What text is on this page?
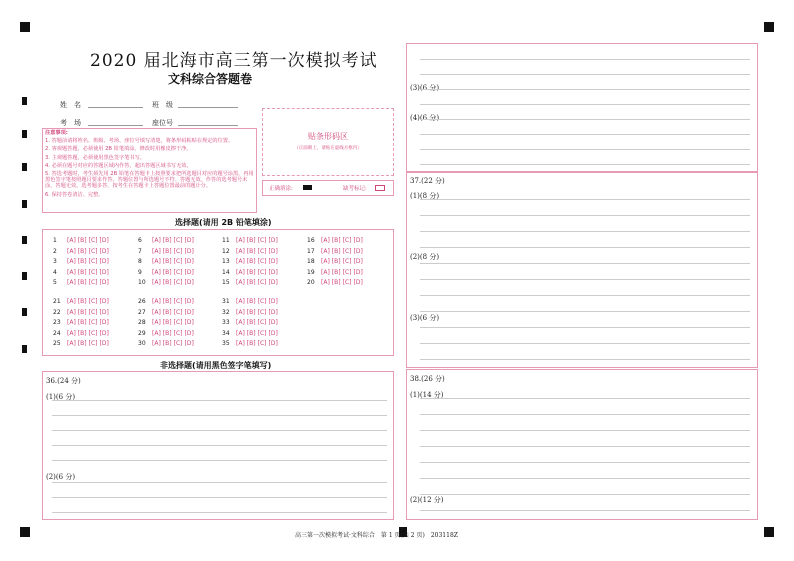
2020 届北海市高三第一次模拟考试
文科综合答题卷
姓　名	班　级
考　场	座位号
注意事项:
1. 答题前请将姓名、班级、考场、座位号填写清楚，将条形码粘贴在规定的位置。
2. 客观题答题，必须使用 2B 铅笔填涂，修改时用橡皮擦干净。
3. 主观题答题，必须使用黑色签字笔书写。
4. 必须在题号对应的答题区域内作答，超出答题区域书写无效。
5. 答选考题时，考生须先用 2B 铅笔在答题卡上按照要求把所选题目对应的题号涂黑，再用黑色签字笔按照题目要求作答。答题位置与所选题号不符、答题无效。作答的选考题号未涂，答题无效。选考题多答，按考生在答题卡上答题位置最前的题计分。
6. 保持答卷清洁、完整。
贴条形码区
（正面朝上，请贴在虚线方框内）
正确填涂:	缺考标记:
选择题(请用 2B 铅笔填涂)
1 [A] [B] [C] [D]
2 [A] [B] [C] [D]
3 [A] [B] [C] [D]
4 [A] [B] [C] [D]
5 [A] [B] [C] [D]
6 [A] [B] [C] [D]
7 [A] [B] [C] [D]
8 [A] [B] [C] [D]
9 [A] [B] [C] [D]
10 [A] [B] [C] [D]
11 [A] [B] [C] [D]
12 [A] [B] [C] [D]
13 [A] [B] [C] [D]
14 [A] [B] [C] [D]
15 [A] [B] [C] [D]
16 [A] [B] [C] [D]
17 [A] [B] [C] [D]
18 [A] [B] [C] [D]
19 [A] [B] [C] [D]
20 [A] [B] [C] [D]
21 [A] [B] [C] [D]
22 [A] [B] [C] [D]
23 [A] [B] [C] [D]
24 [A] [B] [C] [D]
25 [A] [B] [C] [D]
26 [A] [B] [C] [D]
27 [A] [B] [C] [D]
28 [A] [B] [C] [D]
29 [A] [B] [C] [D]
30 [A] [B] [C] [D]
31 [A] [B] [C] [D]
32 [A] [B] [C] [D]
33 [A] [B] [C] [D]
34 [A] [B] [C] [D]
35 [A] [B] [C] [D]
非选择题(请用黑色签字笔填写)
36.(24 分)
(1)(6 分)
(2)(6 分)
(3)(6 分)
(4)(6 分)
37.(22 分)
(1)(8 分)
(2)(8 分)
(3)(6 分)
38.(26 分)
(1)(14 分)
(2)(12 分)
高三第一次模拟考试·文科综合　第 1 页(共 2 页)　203118Z
